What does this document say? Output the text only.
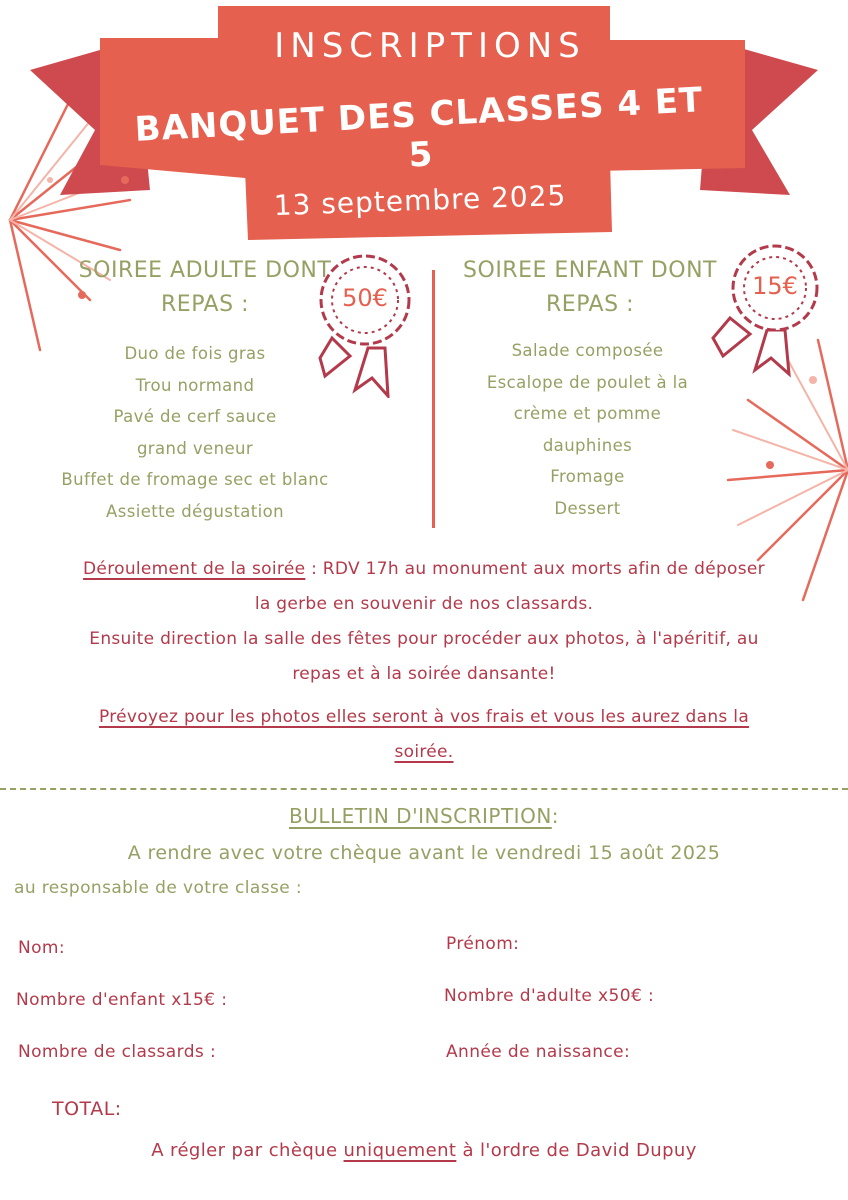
INSCRIPTIONS
BANQUET DES CLASSES 4 ET 5
13 septembre 2025
SOIREE ADULTE DONT
REPAS :	50€
Duo de fois gras
Trou normand
Pavé de cerf sauce
grand veneur
Buffet de fromage sec et blanc
Assiette dégustation
SOIREE ENFANT DONT
REPAS :
15€
Salade composée
Escalope de poulet à la
crème et pomme
dauphines
Fromage
Dessert
Déroulement de la soirée : RDV 17h au monument aux morts afin de déposer
la gerbe en souvenir de nos classards.
Ensuite direction la salle des fêtes pour procéder aux photos, à l'apéritif, au
repas et à la soirée dansante!
Prévoyez pour les photos elles seront à vos frais et vous les aurez dans la
soirée.
BULLETIN D'INSCRIPTION:
A rendre avec votre chèque avant le vendredi 15 août 2025
au responsable de votre classe :
Nom:	Prénom:
Nombre d'enfant x15€ :	Nombre d'adulte x50€ :
Nombre de classards :	Année de naissance:
TOTAL:
A régler par chèque uniquement à l'ordre de David Dupuy
